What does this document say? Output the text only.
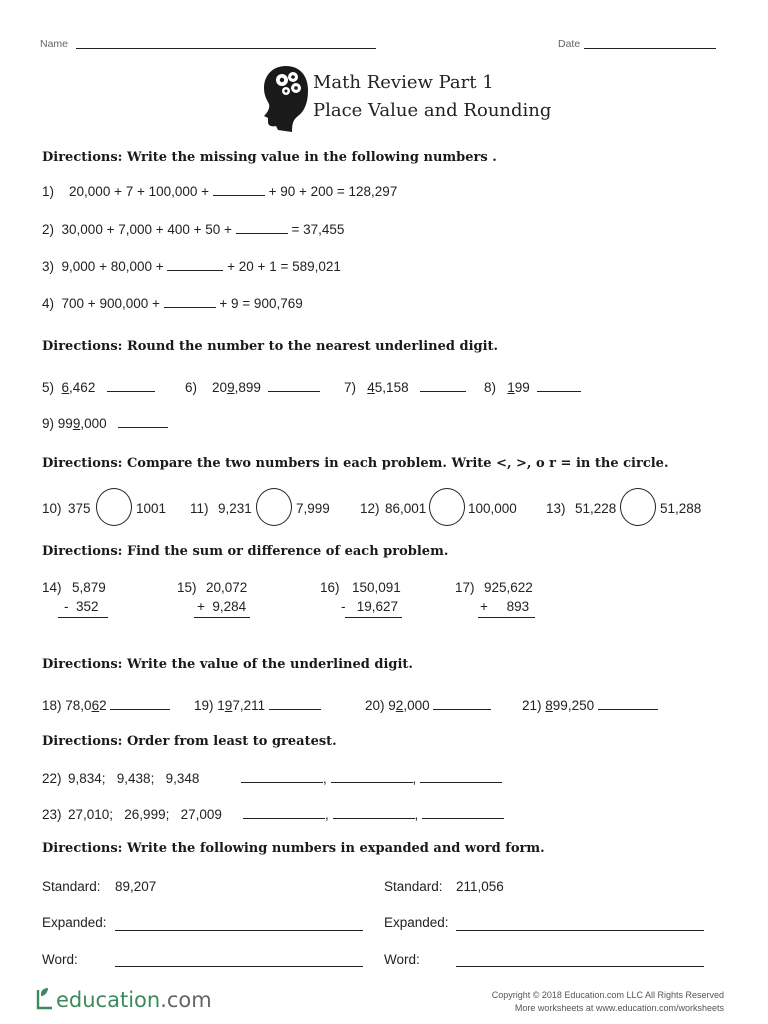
Name	Date
Math Review Part 1
Place Value and Rounding
Directions: Write the missing value in the following numbers .
1) 20,000 + 7 + 100,000 +	+ 90 + 200 = 128,297
2) 30,000 + 7,000 + 400 + 50 +	= 37,455
3) 9,000 + 80,000 +	+ 20 + 1 = 589,021
4) 700 + 900,000 +	+ 9 = 900,769
Directions: Round the number to the nearest underlined digit.
5) 6,462	6) 209,899	7) 45,158	8) 199
9) 999,000
Directions: Compare the two numbers in each problem. Write <, >, o r = in the circle.
10) 375	1001 11) 9,231	7,999 12) 86,001	100,000 13) 51,228	51,288
Directions: Find the sum or difference of each problem.
14) 5,879
-  352
15) 20,072
+  9,284
16) 150,091
-   19,627
17) 925,622
+     893
Directions: Write the value of the underlined digit.
18) 78,062	19) 197,211	20) 92,000	21) 899,250
Directions: Order from least to greatest.
22) 9,834;   9,438;   9,348	,	,
23) 27,010;   26,999;   27,009	,	,
Directions: Write the following numbers in expanded and word form.
Standard: 89,207	Standard: 211,056
Expanded:	Expanded:
Word:	Word:
education.com	Copyright © 2018 Education.com LLC All Rights Reserved
More worksheets at www.education.com/worksheets
